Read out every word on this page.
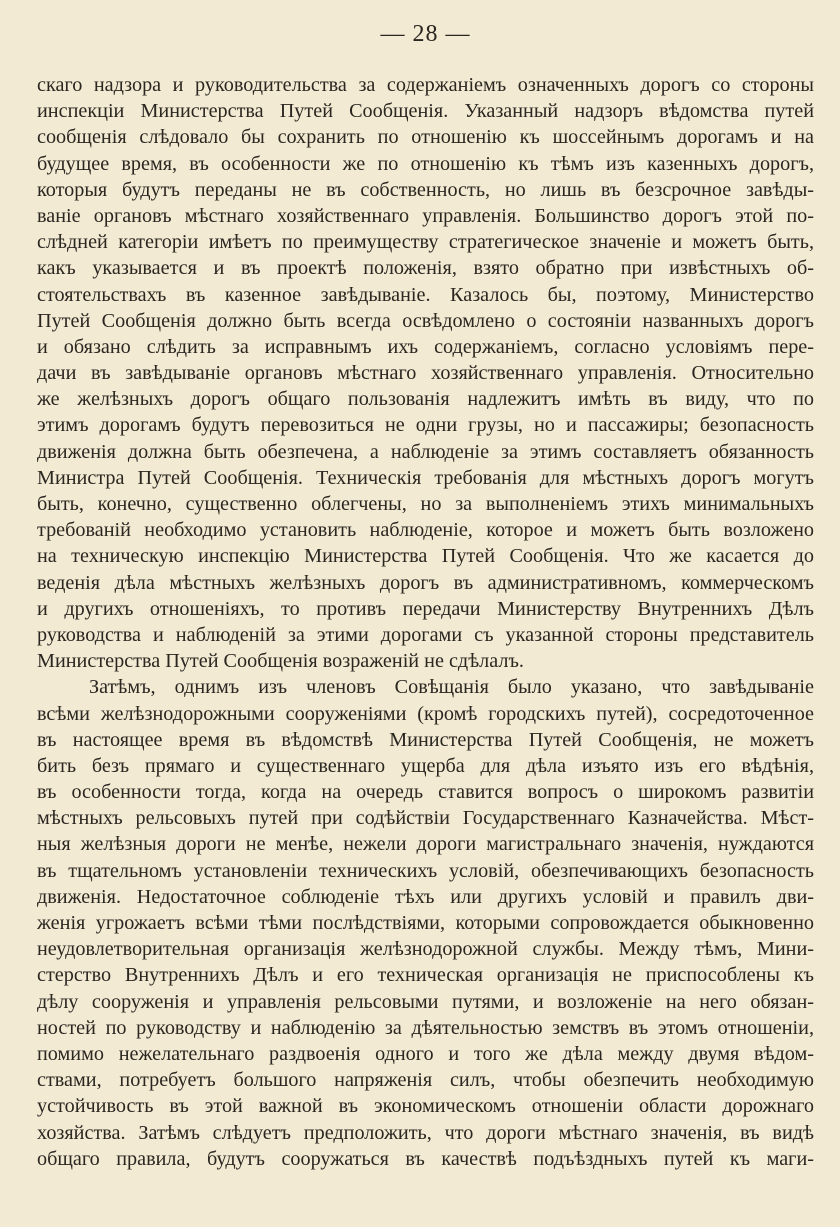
— 28 —
скаго надзора и руководительства за содержанiемъ означенныхъ дорогъ со стороны
инспекцiи Министерства Путей Сообщенiя. Указанный надзоръ вѣдомства путей
сообщенiя слѣдовало бы сохранить по отношенiю къ шоссейнымъ дорогамъ и на
будущее время, въ особенности же по отношенiю къ тѣмъ изъ казенныхъ дорогъ,
которыя будутъ переданы не въ собственность, но лишь въ безсрочное завѣды-
ванiе органовъ мѣстнаго хозяйственнаго управленiя. Большинство дорогъ этой по-
слѣдней категорiи имѣетъ по преимуществу стратегическое значенiе и можетъ быть,
какъ указывается и въ проектѣ положенiя, взято обратно при извѣстныхъ об-
стоятельствахъ въ казенное завѣдыванiе. Казалось бы, поэтому, Министерство
Путей Сообщенiя должно быть всегда освѣдомлено о состоянiи названныхъ дорогъ
и обязано слѣдить за исправнымъ ихъ содержанiемъ, согласно условiямъ пере-
дачи въ завѣдыванiе органовъ мѣстнаго хозяйственнаго управленiя. Относительно
же желѣзныхъ дорогъ общаго пользованiя надлежитъ имѣть въ виду, что по
этимъ дорогамъ будутъ перевозиться не одни грузы, но и пассажиры; безопасность
движенiя должна быть обезпечена, а наблюденiе за этимъ составляетъ обязанность
Министра Путей Сообщенiя. Техническiя требованiя для мѣстныхъ дорогъ могутъ
быть, конечно, существенно облегчены, но за выполненiемъ этихъ минимальныхъ
требованiй необходимо установить наблюденiе, которое и можетъ быть возложено
на техническую инспекцiю Министерства Путей Сообщенiя. Что же касается до
веденiя дѣла мѣстныхъ желѣзныхъ дорогъ въ административномъ, коммерческомъ
и другихъ отношенiяхъ, то противъ передачи Министерству Внутреннихъ Дѣлъ
руководства и наблюденiй за этими дорогами съ указанной стороны представитель
Министерства Путей Сообщенiя возраженiй не сдѣлалъ.
Затѣмъ, однимъ изъ членовъ Совѣщанiя было указано, что завѣдыванiе
всѣми желѣзнодорожными сооруженiями (кромѣ городскихъ путей), сосредоточенное
въ настоящее время въ вѣдомствѣ Министерства Путей Сообщенiя, не можетъ
бить безъ прямаго и существеннаго ущерба для дѣла изъято изъ его вѣдѣнiя,
въ особенности тогда, когда на очередь ставится вопросъ о широкомъ развитiи
мѣстныхъ рельсовыхъ путей при содѣйствiи Государственнаго Казначейства. Мѣст-
ныя желѣзныя дороги не менѣе, нежели дороги магистральнаго значенiя, нуждаются
въ тщательномъ установленiи техническихъ условiй, обезпечивающихъ безопасность
движенiя. Недостаточное соблюденiе тѣхъ или другихъ условiй и правилъ дви-
женiя угрожаетъ всѣми тѣми послѣдствiями, которыми сопровождается обыкновенно
неудовлетворительная организацiя желѣзнодорожной службы. Между тѣмъ, Мини-
стерство Внутреннихъ Дѣлъ и его техническая организацiя не приспособлены къ
дѣлу сооруженiя и управленiя рельсовыми путями, и возложенiе на него обязан-
ностей по руководству и наблюденiю за дѣятельностью земствъ въ этомъ отношенiи,
помимо нежелательнаго раздвоенiя одного и того же дѣла между двумя вѣдом-
ствами, потребуетъ большого напряженiя силъ, чтобы обезпечить необходимую
устойчивость въ этой важной въ экономическомъ отношенiи области дорожнаго
хозяйства. Затѣмъ слѣдуетъ предположить, что дороги мѣстнаго значенiя, въ видѣ
общаго правила, будутъ сооружаться въ качествѣ подъѣздныхъ путей къ маги-
